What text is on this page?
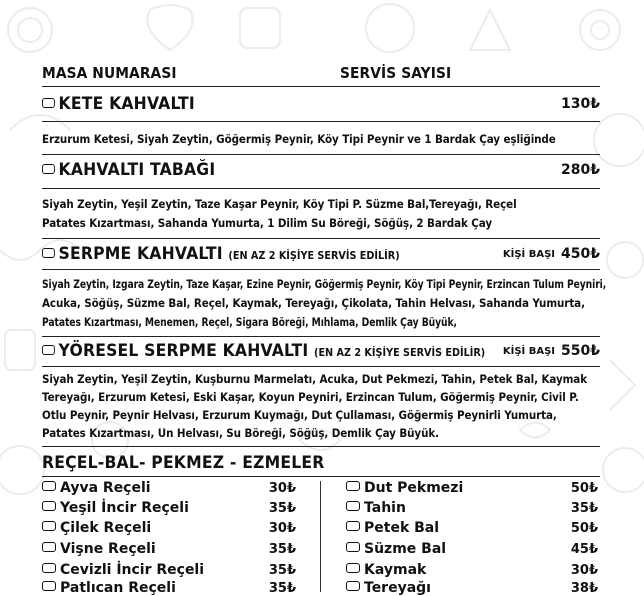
MASA NUMARASI	SERVİS SAYISI
KETE KAHVALTI	130₺
Erzurum Ketesi, Siyah Zeytin, Göğermiş Peynir, Köy Tipi Peynir ve 1 Bardak Çay eşliğinde
KAHVALTI TABAĞI	280₺
Siyah Zeytin, Yeşil Zeytin, Taze Kaşar Peynir, Köy Tipi P. Süzme Bal,Tereyağı, Reçel
Patates Kızartması, Sahanda Yumurta, 1 Dilim Su Böreği, Söğüş, 2 Bardak Çay
SERPME KAHVALTI (EN AZ 2 KİŞİYE SERVİS EDİLİR)	KİŞİ BAŞI 450₺
Siyah Zeytin, Izgara Zeytin, Taze Kaşar, Ezine Peynir, Göğermiş Peynir, Köy Tipi Peynir, Erzincan Tulum Peyniri,
Acuka, Söğüş, Süzme Bal, Reçel, Kaymak, Tereyağı, Çikolata, Tahin Helvası, Sahanda Yumurta,
Patates Kızartması, Menemen, Reçel, Sigara Böreği, Mıhlama, Demlik Çay Büyük,
YÖRESEL SERPME KAHVALTI (EN AZ 2 KİŞİYE SERVİS EDİLİR) KİŞİ BAŞI 550₺
Siyah Zeytin, Yeşil Zeytin, Kuşburnu Marmelatı, Acuka, Dut Pekmezi, Tahin, Petek Bal, Kaymak
Tereyağı, Erzurum Ketesi, Eski Kaşar, Koyun Peyniri, Erzincan Tulum, Göğermiş Peynir, Civil P.
Otlu Peynir, Peynir Helvası, Erzurum Kuymağı, Dut Çullaması, Göğermiş Peynirli Yumurta,
Patates Kızartması, Un Helvası, Su Böreği, Söğüş, Demlik Çay Büyük.
REÇEL-BAL- PEKMEZ - EZMELER
Ayva Reçeli	30₺
Yeşil İncir Reçeli	35₺
Çilek Reçeli	30₺
Vişne Reçeli	35₺
Cevizli İncir Reçeli	35₺
Patlıcan Reçeli	35₺
Dut Pekmezi	50₺
Tahin	35₺
Petek Bal	50₺
Süzme Bal	45₺
Kaymak	30₺
Tereyağı	38₺
